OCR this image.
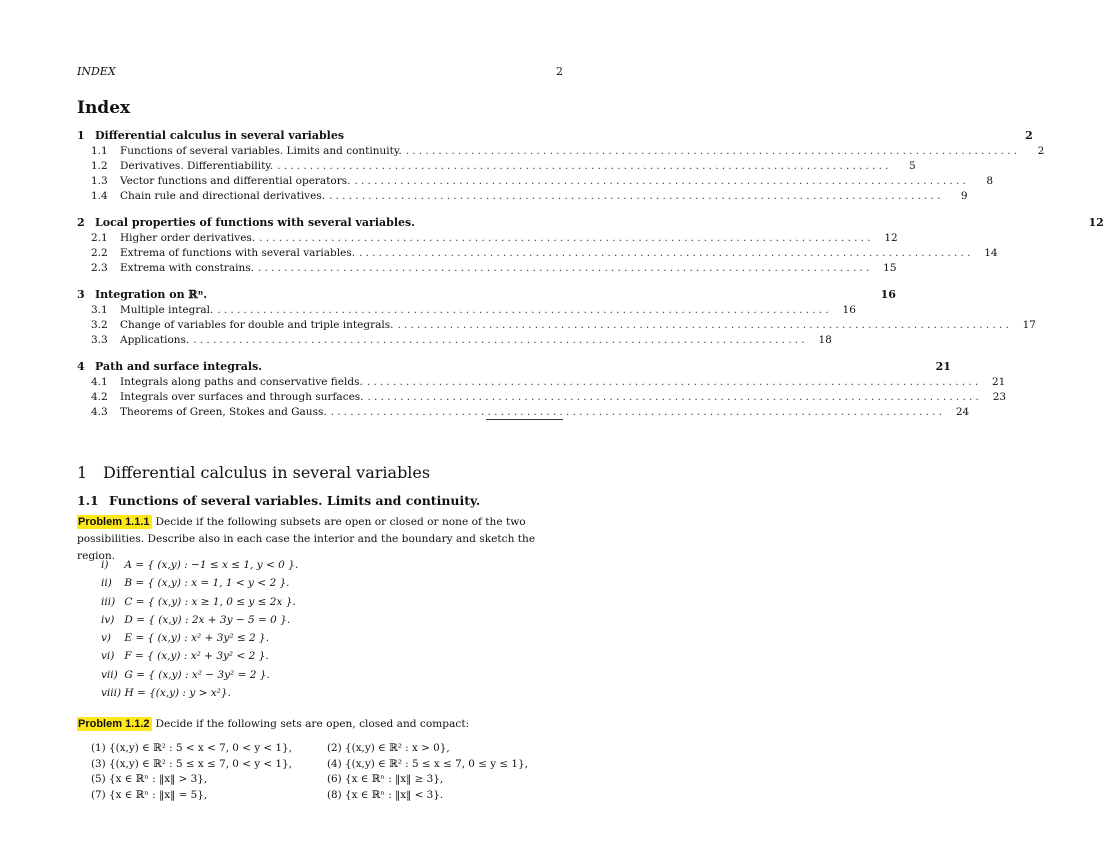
INDEX	2
Index
1 Differential calculus in several variables	2
1.1	Functions of several variables. Limits and continuity. ..............................................................................................	2
1.2	Derivatives. Differentiability. ..............................................................................................	5
1.3	Vector functions and differential operators. ..............................................................................................	8
1.4	Chain rule and directional derivatives. ..............................................................................................	9
2 Local properties of functions with several variables.	12
2.1	Higher order derivatives. ..............................................................................................	12
2.2	Extrema of functions with several variables. ..............................................................................................	14
2.3	Extrema with constrains. ..............................................................................................	15
3 Integration on ℝⁿ.	16
3.1	Multiple integral. ..............................................................................................	16
3.2	Change of variables for double and triple integrals. ..............................................................................................	17
3.3	Applications. ..............................................................................................	18
4 Path and surface integrals.	21
4.1	Integrals along paths and conservative fields. ..............................................................................................	21
4.2	Integrals over surfaces and through surfaces. ..............................................................................................	23
4.3	Theorems of Green, Stokes and Gauss. ..............................................................................................	24
1 Differential calculus in several variables
1.1 Functions of several variables. Limits and continuity.
Problem 1.1.1 Decide if the following subsets are open or closed or none of the two possibilities. Describe also in each case the interior and the boundary and sketch the region.
i) A = { (x,y) : −1 ≤ x ≤ 1, y < 0 }.
ii) B = { (x,y) : x = 1, 1 < y < 2 }.
iii) C = { (x,y) : x ≥ 1, 0 ≤ y ≤ 2x }.
iv) D = { (x,y) : 2x + 3y − 5 = 0 }.
v) E = { (x,y) : x² + 3y² ≤ 2 }.
vi) F = { (x,y) : x² + 3y² < 2 }.
vii) G = { (x,y) : x² − 3y² = 2 }.
viii) H = {(x,y) : y > x²}.
Problem 1.1.2 Decide if the following sets are open, closed and compact:
(1) {(x,y) ∈ ℝ² : 5 < x < 7, 0 < y < 1},	(2) {(x,y) ∈ ℝ² : x > 0},
(3) {(x,y) ∈ ℝ² : 5 ≤ x ≤ 7, 0 < y < 1},	(4) {(x,y) ∈ ℝ² : 5 ≤ x ≤ 7, 0 ≤ y ≤ 1},
(5) {x ∈ ℝⁿ : ‖x‖ > 3},	(6) {x ∈ ℝⁿ : ‖x‖ ≥ 3},
(7) {x ∈ ℝⁿ : ‖x‖ = 5},	(8) {x ∈ ℝⁿ : ‖x‖ < 3}.
